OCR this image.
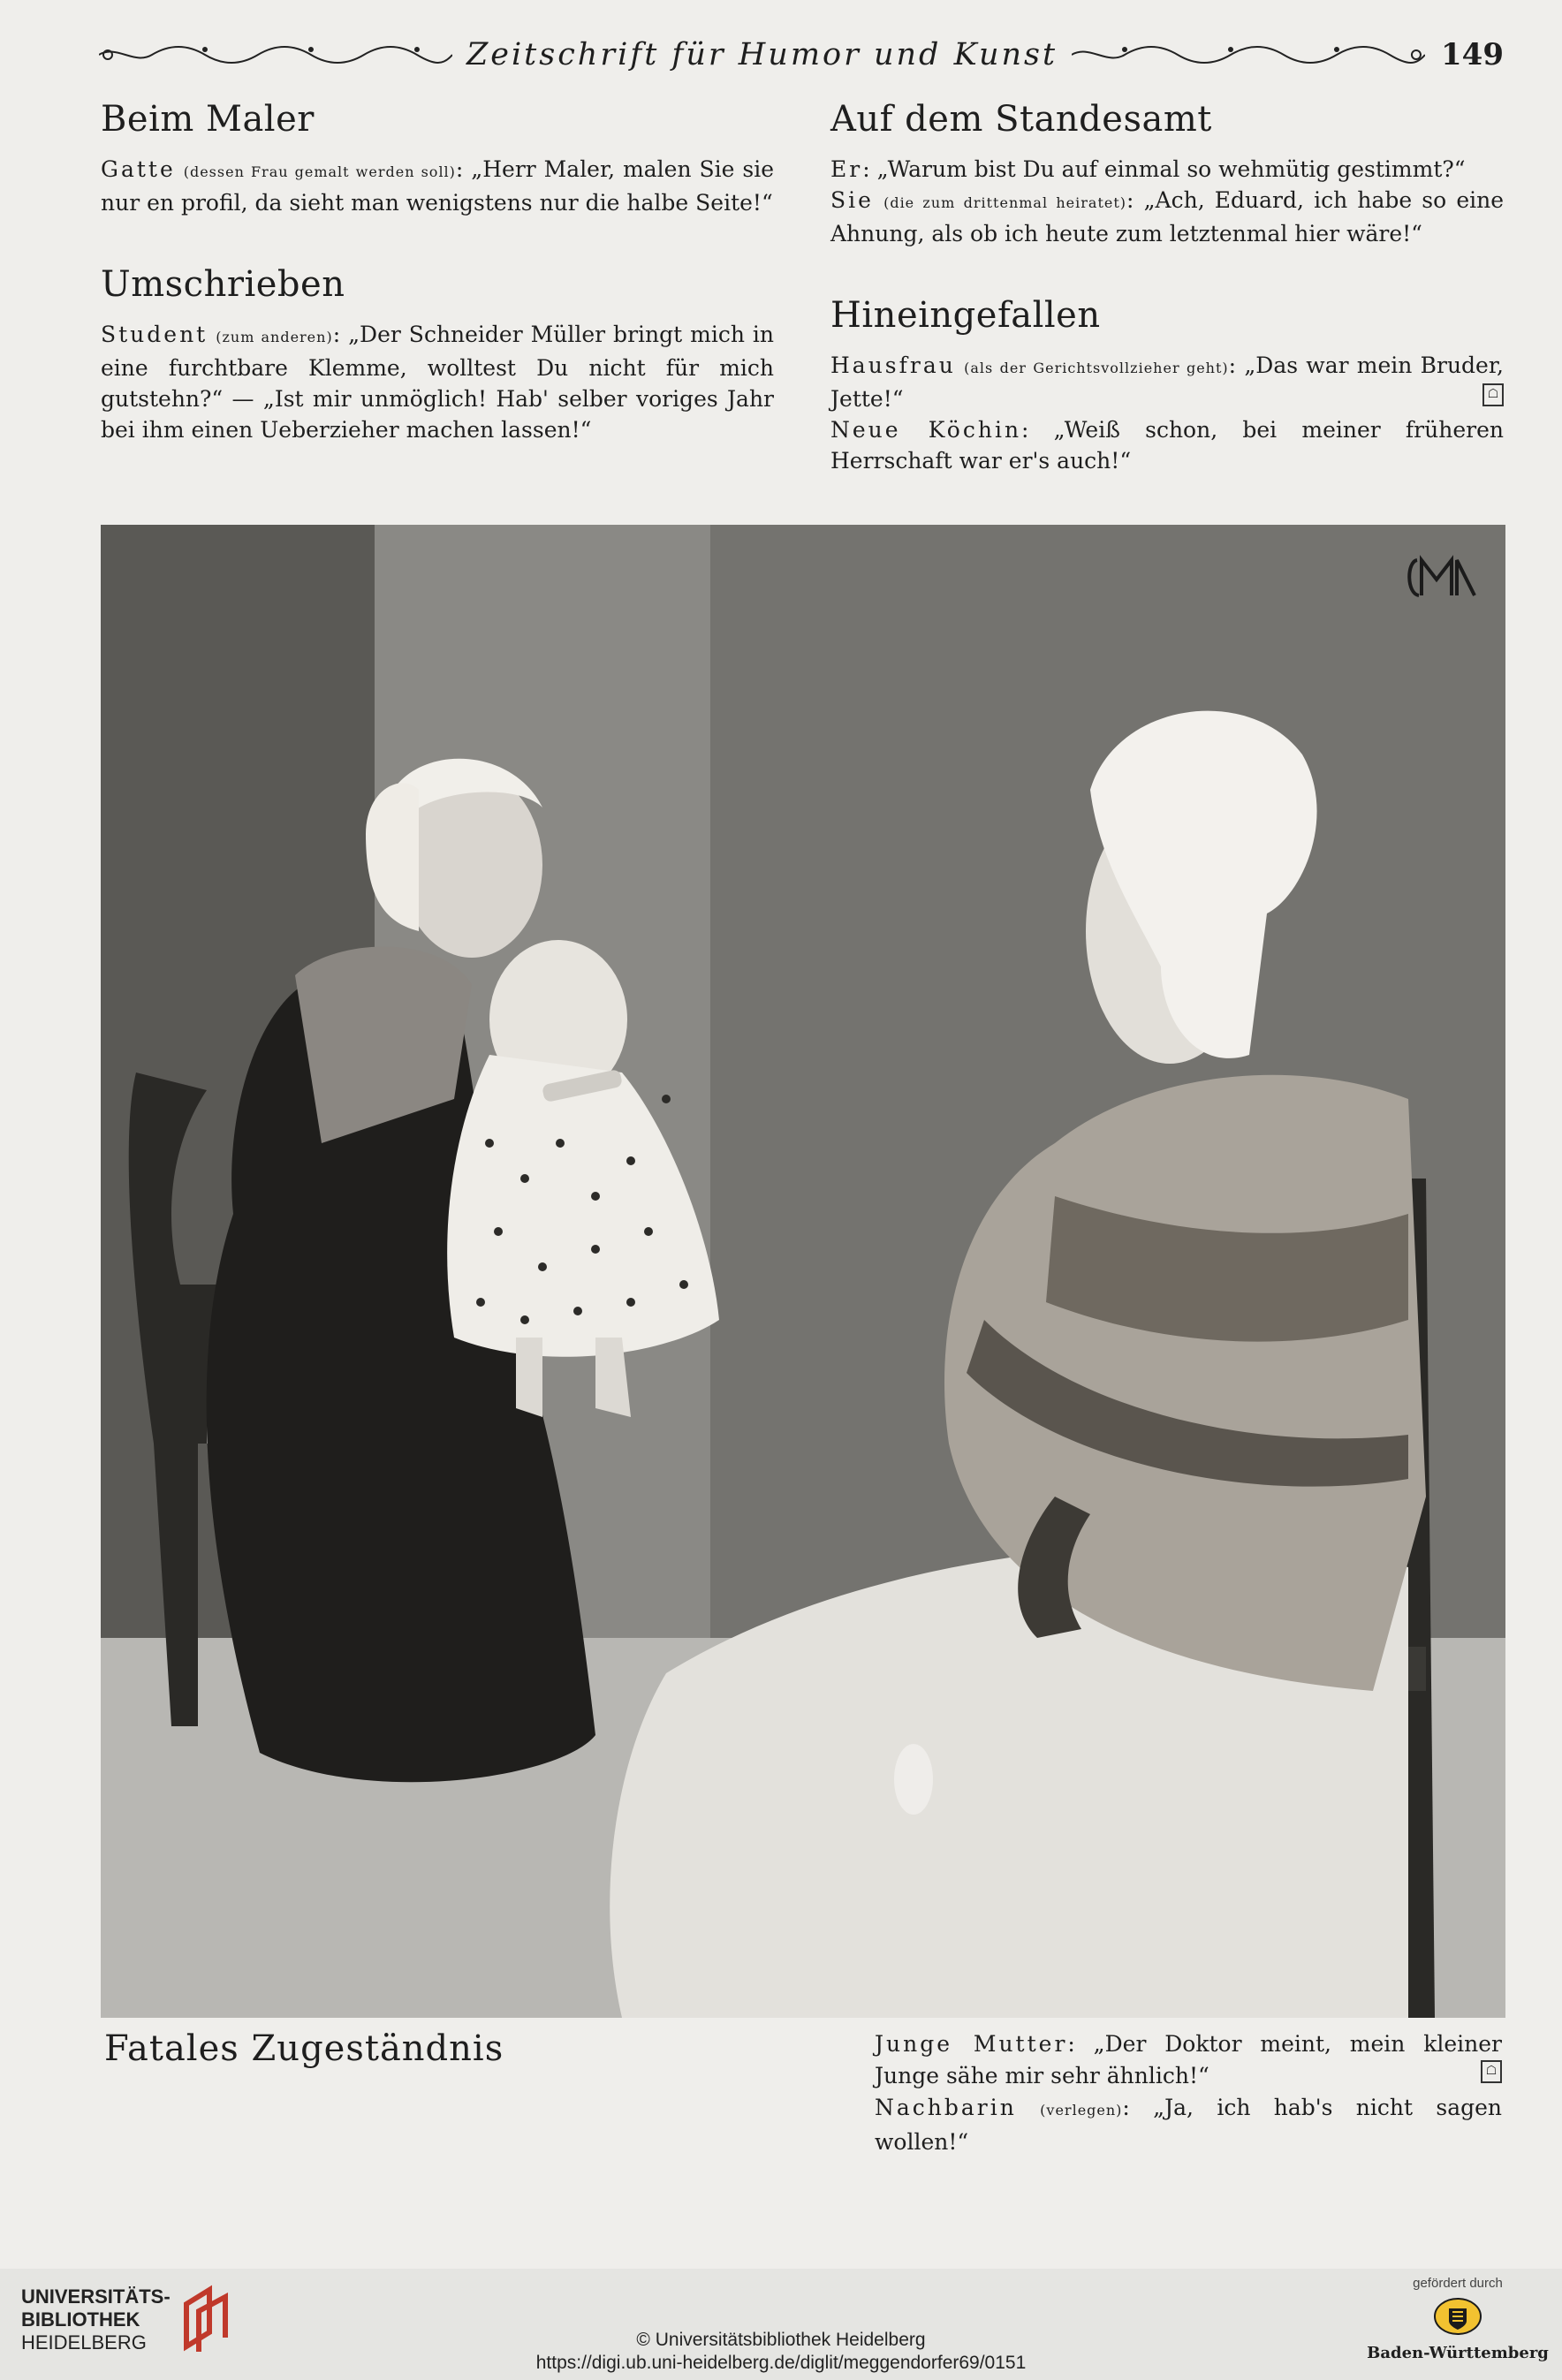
Zeitschrift für Humor und Kunst	149
Beim Maler

Gatte (dessen Frau gemalt werden soll): „Herr Maler, malen Sie sie nur en profil, da sieht man wenigstens nur die halbe Seite!“

Umschrieben

Student (zum anderen): „Der Schneider Müller bringt mich in eine furchtbare Klemme, wolltest Du nicht für mich gutstehn?“ — „Ist mir unmöglich! Hab' selber voriges Jahr bei ihm einen Ueberzieher machen lassen!“

Auf dem Standesamt

Er: „Warum bist Du auf einmal so wehmütig gestimmt?“
Sie (die zum drittenmal heiratet): „Ach, Eduard, ich habe so eine Ahnung, als ob ich heute zum letztenmal hier wäre!“

Hineingefallen

Hausfrau (als der Gerichtsvollzieher geht): „Das war mein Bruder, Jette!“	☖

Neue Köchin: „Weiß schon, bei meiner früheren Herrschaft war er's auch!“

Fatales Zugeständnis	Junge Mutter: „Der Doktor meint, mein kleiner Junge sähe mir sehr ähnlich!“	☖

Nachbarin (verlegen): „Ja, ich hab's nicht sagen wollen!“

UNIVERSITÄTS-
BIBLIOTHEK
HEIDELBERG	© Universitätsbibliothek Heidelberg
https://digi.ub.uni-heidelberg.de/diglit/meggendorfer69/0151
gefördert durch
Baden-Württemberg
